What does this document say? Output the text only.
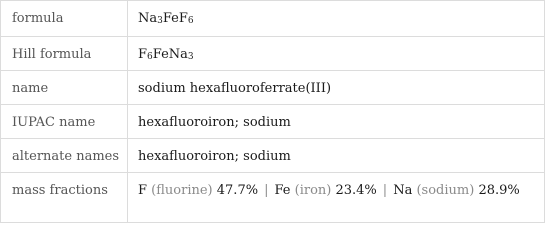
formula	$Na_3FeF_6$
Hill formula	$F_6FeNa_3$
name	sodium hexafluoroferrate(III)
IUPAC name	hexafluoroiron; sodium
alternate names	hexafluoroiron; sodium
mass fractions	F (fluorine) 47.7% | Fe (iron) 23.4% | Na (sodium) 28.9%
